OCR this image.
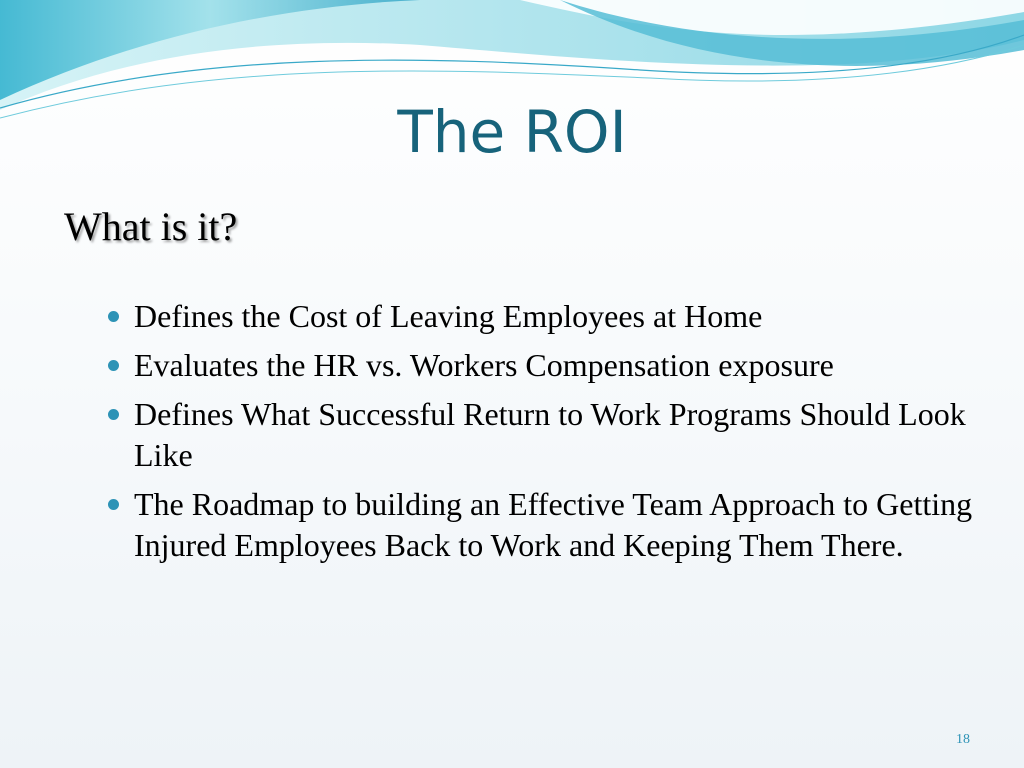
The ROI
What is it?
Defines the Cost of Leaving Employees at Home
Evaluates the HR vs. Workers Compensation exposure
Defines What Successful Return to Work Programs Should Look Like
The Roadmap to building an Effective Team Approach to Getting Injured Employees Back to Work and Keeping Them There.
18
